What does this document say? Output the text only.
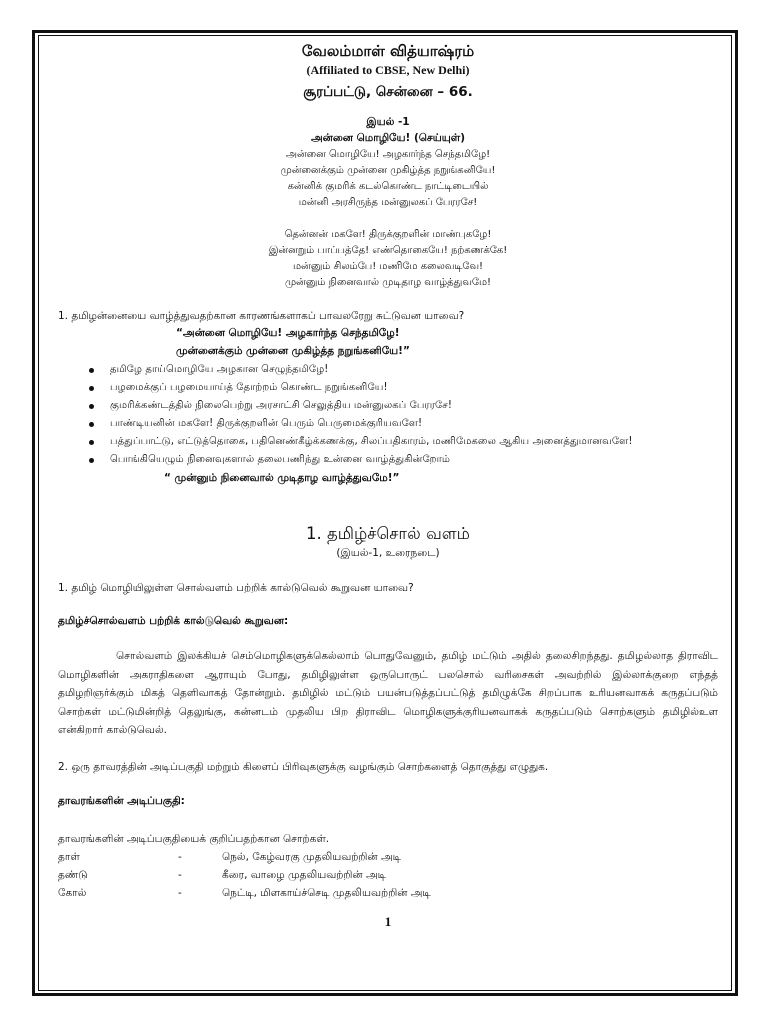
வேலம்மாள் வித்யாஷ்ரம்
(Affiliated to CBSE, New Delhi)
சூரப்பட்டு, சென்னை – 66.
இயல் -1
அன்னை மொழியே! (செய்யுள்)
அன்னை மொழியே! அழகார்ந்த செந்தமிழே!
முன்னைக்கும் முன்னை முகிழ்த்த நறுங்கனியே!
கன்னிக் குமரிக் கடல்கொண்ட நாட்டிடையில்
மன்னி அரசிருந்த மன்னுலகப் பேரரசே!
தென்னன் மகளே! திருக்குறளின் மாண்புகழே!
இன்னறும் பாப்பத்தே! எண்தொகையே! நற்கணக்கே!
மன்னும் சிலம்பே! மணிமே கலைவடிவே!
முன்னும் நினைவால் முடிதாழ வாழ்த்துவமே!
1. தமிழன்னையை வாழ்த்துவதற்கான காரணங்களாகப் பாவலரேறு சுட்டுவன யாவை?
“அன்னை மொழியே! அழகார்ந்த செந்தமிழே!
முன்னைக்கும் முன்னை முகிழ்த்த நறுங்கனியே!”
தமிழே தாய்மொழியே அழகான செழுந்தமிழே!
பழமைக்குப் பழமையாய்த் தோற்றம் கொண்ட நறுங்கனியே!
குமரிக்கண்டத்தில் நிலைபெற்று அரசாட்சி செலுத்திய மன்னுலகப் பேரரசே!
பாண்டியனின் மகளே! திருக்குறளின் பெரும் பெருமைக்குரியவளே!
பத்துப்பாட்டு, எட்டுத்தொகை, பதினெண்கீழ்க்கணக்கு, சிலப்பதிகாரம், மணிமேகலை ஆகிய அனைத்துமானவளே!
பொங்கியெழும் நினைவுகளால் தலைபணிந்து உன்னை வாழ்த்துகின்றோம்
“ முன்னும் நினைவால் முடிதாழ வாழ்த்துவமே!”
1. தமிழ்ச்சொல் வளம்
(இயல்-1, உரைநடை)
1. தமிழ் மொழியிலுள்ள சொல்வளம் பற்றிக் கால்டுவெல் கூறுவன யாவை?
தமிழ்ச்சொல்வளம் பற்றிக் கால்டுவெல் கூறுவன:
சொல்வளம் இலக்கியச் செம்மொழிகளுக்கெல்லாம் பொதுவேனும், தமிழ் மட்டும் அதில் தலைசிறந்தது. தமிழல்லாத திராவிட மொழிகளின் அகராதிகளை ஆராயும் போது, தமிழிலுள்ள ஒருபொருட் பலசொல் வரிசைகள் அவற்றில் இல்லாக்குறை எந்தத் தமிழறிஞர்க்கும் மிகத் தெளிவாகத் தோன்றும். தமிழில் மட்டும் பயன்படுத்தப்பட்டுத் தமிழுக்கே சிறப்பாக உரியனவாகக் கருதப்படும் சொற்கள் மட்டுமின்றித் தெலுங்கு, கன்னடம் முதலிய பிற திராவிட மொழிகளுக்குரியனவாகக் கருதப்படும் சொற்களும் தமிழில்உள என்கிறார் கால்டுவெல்.
2. ஒரு தாவரத்தின் அடிப்பகுதி மற்றும் கிளைப் பிரிவுகளுக்கு வழங்கும் சொற்களைத் தொகுத்து எழுதுக.
தாவரங்களின் அடிப்பகுதி:
தாவரங்களின் அடிப்பகுதியைக் குறிப்பதற்கான சொற்கள்.
தாள்	-	நெல், கேழ்வரகு முதலியவற்றின் அடி
தண்டு	-	கீரை, வாழை முதலியவற்றின் அடி
கோல்	-	நெட்டி, மிளகாய்ச்செடி முதலியவற்றின் அடி
1
